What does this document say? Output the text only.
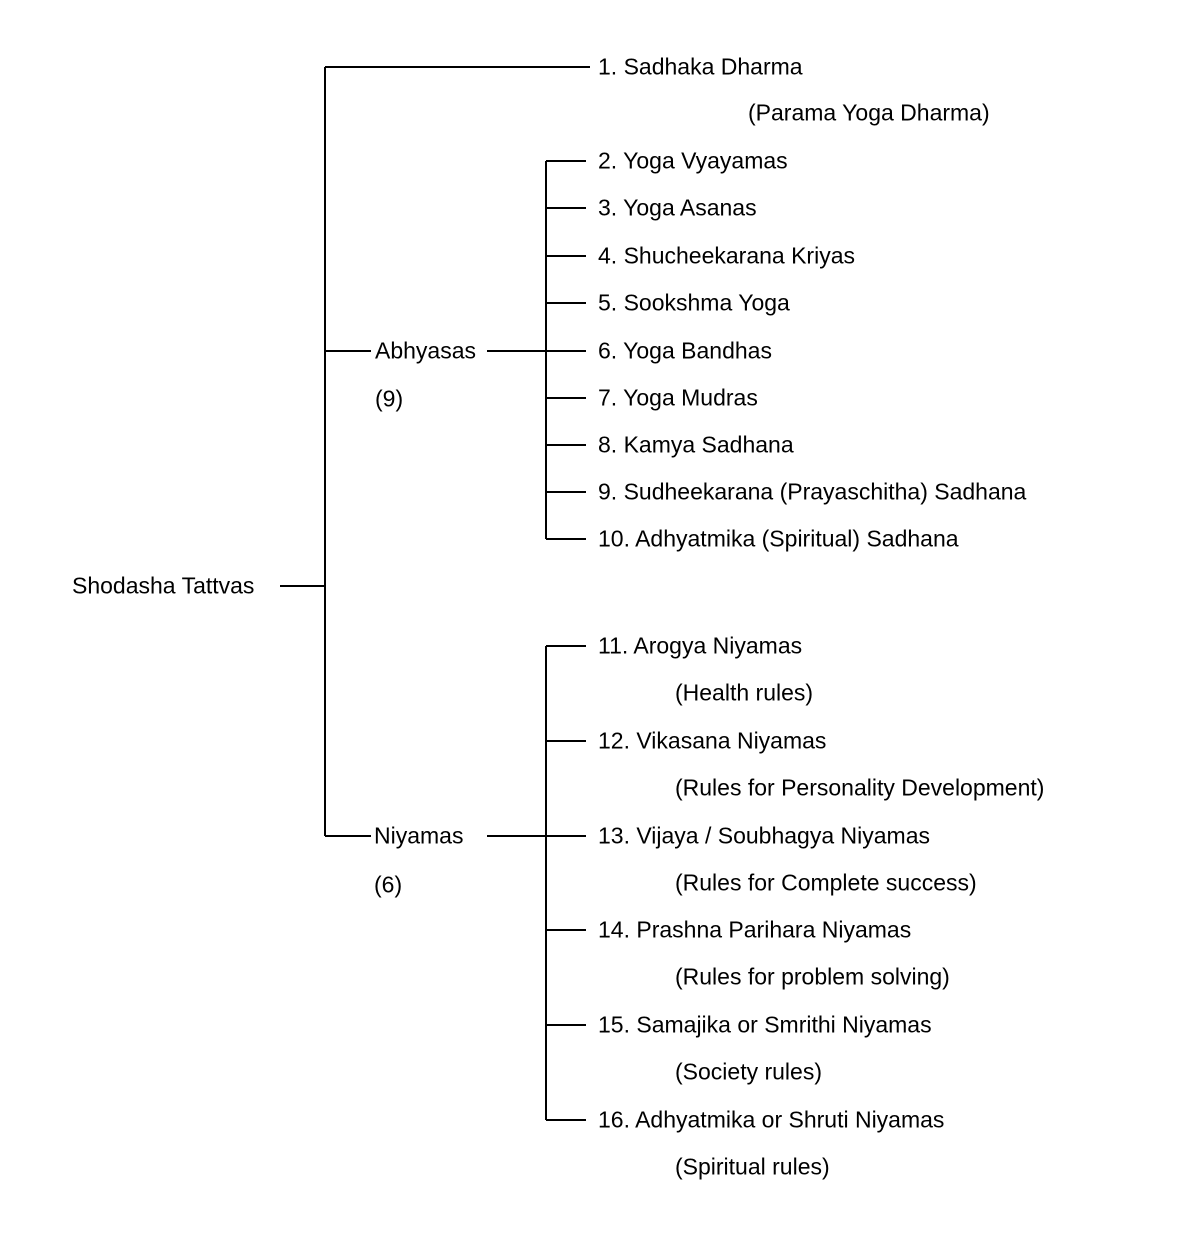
Shodasha Tattvas
Abhyasas
(9)
Niyamas
(6)
1. Sadhaka Dharma
(Parama Yoga Dharma)
2. Yoga Vyayamas
3. Yoga Asanas
4. Shucheekarana Kriyas
5. Sookshma Yoga
6. Yoga Bandhas
7. Yoga Mudras
8. Kamya Sadhana
9. Sudheekarana (Prayaschitha) Sadhana
10. Adhyatmika (Spiritual) Sadhana
11. Arogya Niyamas
(Health rules)
12. Vikasana Niyamas
(Rules for Personality Development)
13. Vijaya / Soubhagya Niyamas
(Rules for Complete success)
14. Prashna Parihara Niyamas
(Rules for problem solving)
15. Samajika or Smrithi Niyamas
(Society rules)
16. Adhyatmika or Shruti Niyamas
(Spiritual rules)
